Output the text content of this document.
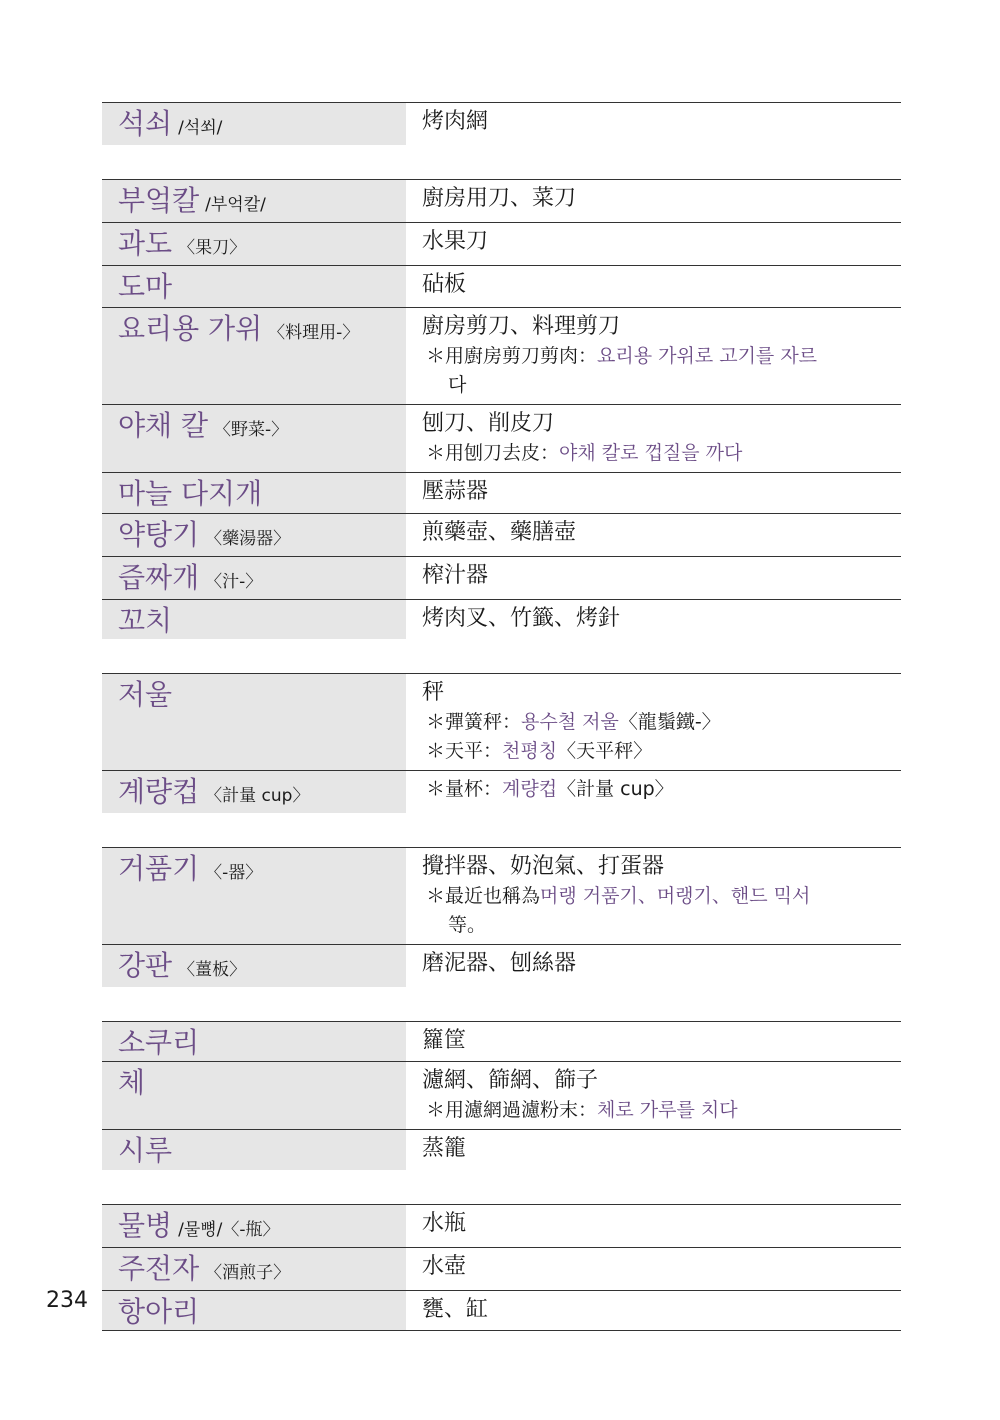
석쇠 /석쐬/	烤肉網
부엌칼 /부억칼/	廚房用刀、菜刀
과도 〈果刀〉	水果刀
도마	砧板
요리용 가위 〈料理用-〉	廚房剪刀、料理剪刀
＊用廚房剪刀剪肉：요리용 가위로 고기를 자르
다
야채 칼 〈野菜-〉	刨刀、削皮刀
＊用刨刀去皮：야채 칼로 껍질을 까다
마늘 다지개	壓蒜器
약탕기 〈藥湯器〉	煎藥壺、藥膳壺
즙짜개 〈汁-〉	榨汁器
꼬치	烤肉叉、竹籤、烤針
저울	秤
＊彈簧秤：용수철 저울〈龍鬚鐵-〉
＊天平：천평칭〈天平秤〉
계량컵 〈計量 cup〉	＊量杯：계량컵〈計量 cup〉
거품기 〈-器〉	攪拌器、奶泡氣、打蛋器
＊最近也稱為머랭 거품기、머랭기、핸드 믹서
等。
강판 〈薑板〉	磨泥器、刨絲器
소쿠리	籮筐
체	濾網、篩網、篩子
＊用濾網過濾粉末：체로 가루를 치다
시루	蒸籠
물병 /물뼝/〈-甁〉	水瓶
주전자 〈酒煎子〉	水壺
항아리	甕、缸
234
